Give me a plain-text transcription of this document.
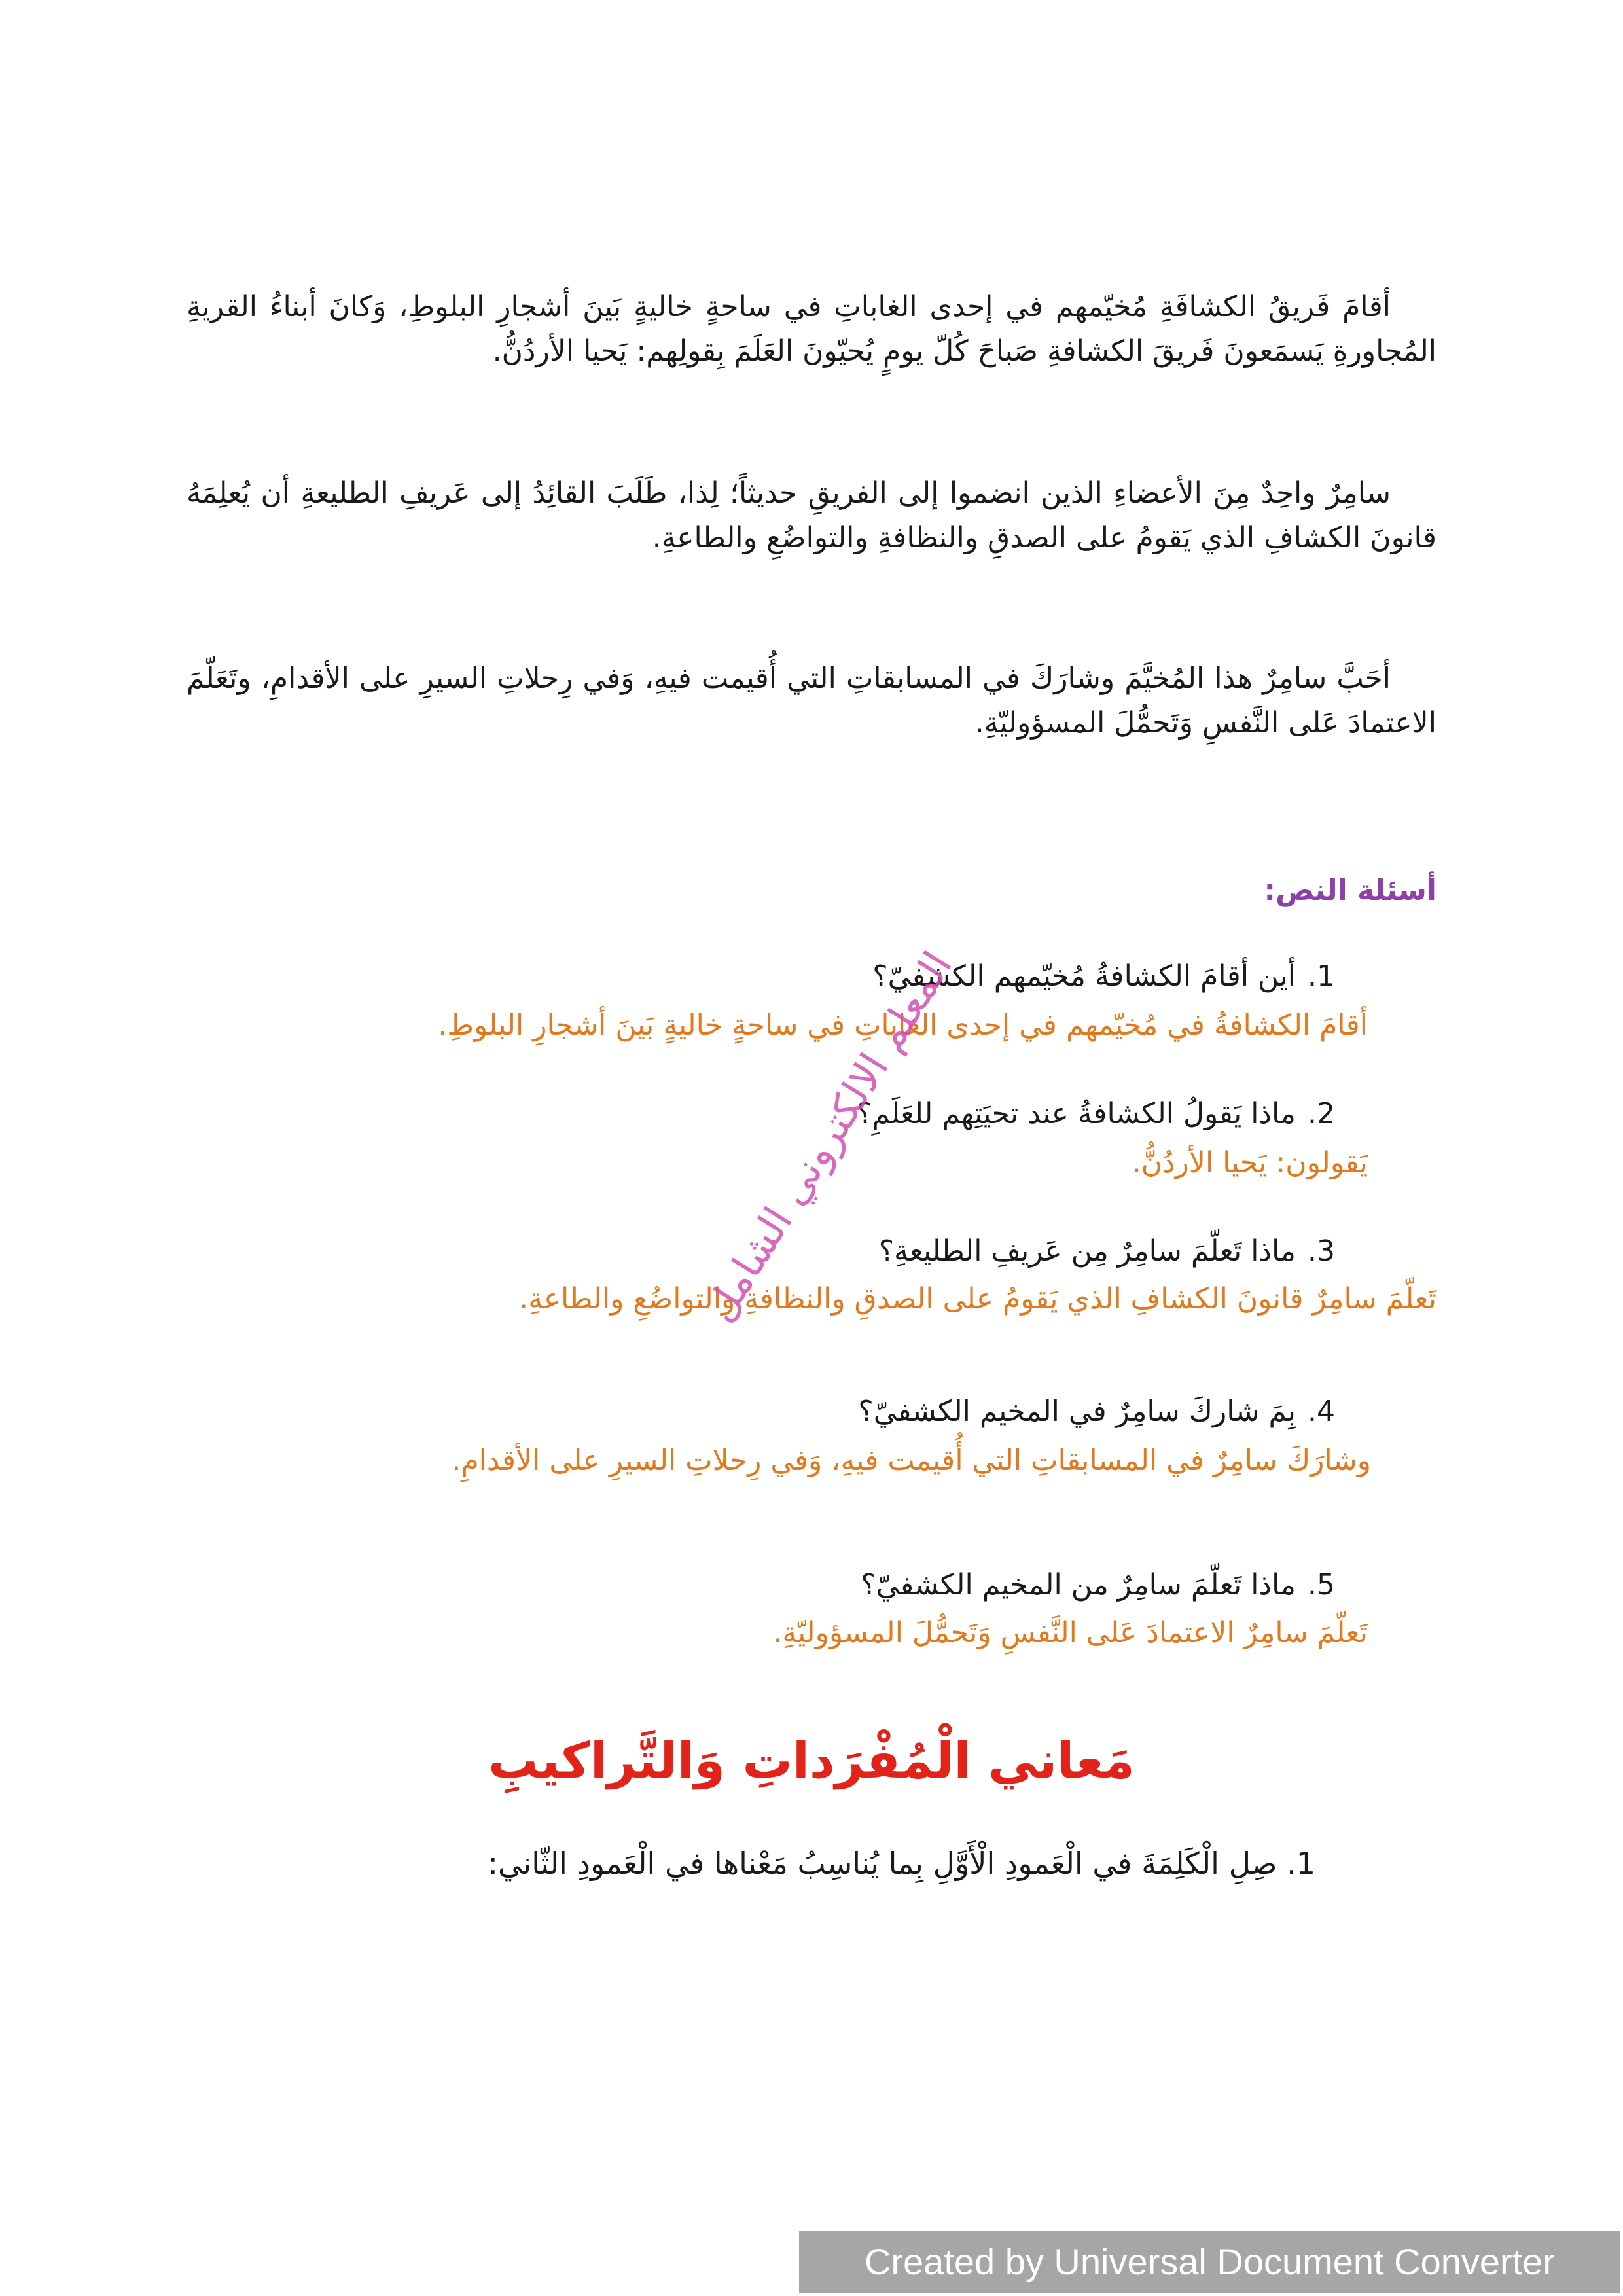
أقامَ فَريقُ الكشافَةِ مُخيّمهم في إحدى الغاباتِ في ساحةٍ خاليةٍ بَينَ أشجارِ البلوطِ، وَكانَ أبناءُ القريةِ المُجاورةِ يَسمَعونَ فَريقَ الكشافةِ صَباحَ كُلّ يومٍ يُحيّونَ العَلَمَ بِقولِهم: يَحيا الأردُنُّ.

سامِرٌ واحِدٌ مِنَ الأعضاءِ الذين انضموا إلى الفريقِ حديثاً؛ لِذا، طَلَبَ القائِدُ إلى عَريفِ الطليعةِ أن يُعلِمَهُ قانونَ الكشافِ الذي يَقومُ على الصدقِ والنظافةِ والتواضُعِ والطاعةِ.

أحَبَّ سامِرٌ هذا المُخيَّمَ وشارَكَ في المسابقاتِ التي أُقيمت فيهِ، وَفي رِحلاتِ السيرِ على الأقدامِ، وتَعَلّمَ الاعتمادَ عَلى النَّفسِ وَتَحمُّلَ المسؤوليّةِ.

أسئلة النص:

1.أين أقامَ الكشافةُ مُخيّمهم الكشفيّ؟

أقامَ الكشافةُ في مُخيّمهم في إحدى الغاباتِ في ساحةٍ خاليةٍ بَينَ أشجارِ البلوطِ.

2.ماذا يَقولُ الكشافةُ عند تحيَتِهم للعَلَمِ؟

يَقولون: يَحيا الأردُنُّ.

3.ماذا تَعلّمَ سامِرٌ مِن عَريفِ الطليعةِ؟

تَعلّمَ سامِرٌ قانونَ الكشافِ الذي يَقومُ على الصدقِ والنظافةِ والتواضُعِ والطاعةِ.

4.بِمَ شاركَ سامِرٌ في المخيم الكشفيّ؟

وشارَكَ سامِرٌ في المسابقاتِ التي أُقيمت فيهِ، وَفي رِحلاتِ السيرِ على الأقدامِ.

5.ماذا تَعلّمَ سامِرٌ من المخيم الكشفيّ؟

تَعلّمَ سامِرٌ الاعتمادَ عَلى النَّفسِ وَتَحمُّلَ المسؤوليّةِ.

مَعاني الْمُفْرَداتِ وَالتَّراكيبِ

1. صِلِ الْكَلِمَةَ في الْعَمودِ الْأَوَّلِ بِما يُناسِبُ مَعْناها في الْعَمودِ الثّاني:

المعلم الالكتروني الشامل
Created by Universal Document Converter
